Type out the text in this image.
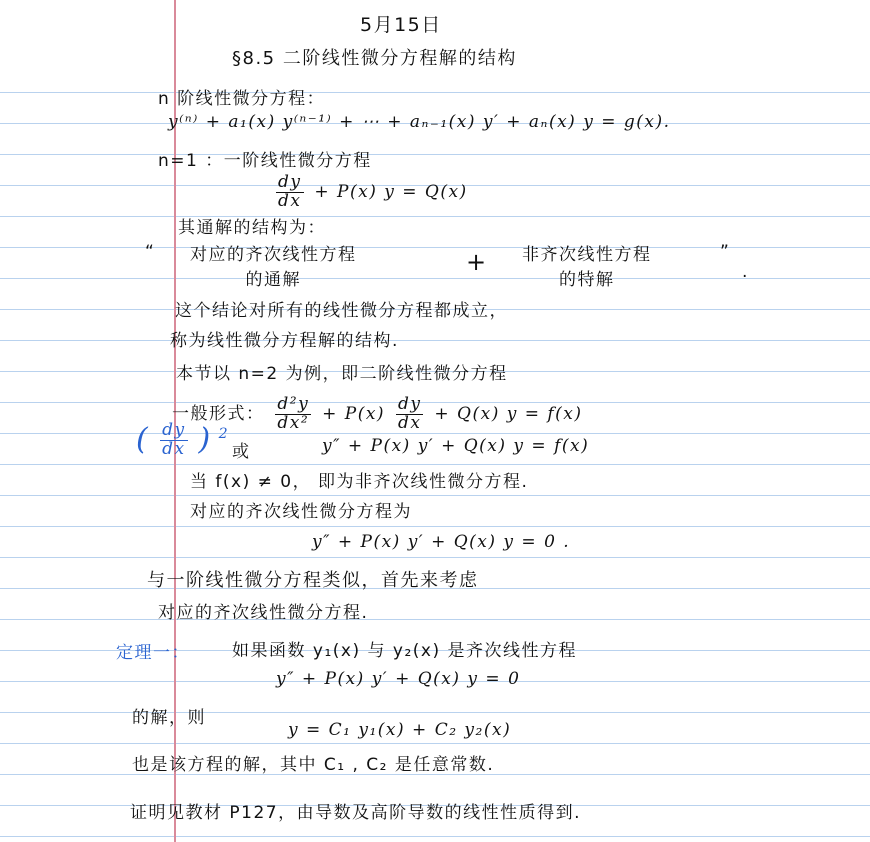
5月15日
§8.5 二阶线性微分方程解的结构
n 阶线性微分方程：
y⁽ⁿ⁾ + a₁(x) y⁽ⁿ⁻¹⁾ + ⋯ + aₙ₋₁(x) y′ + aₙ(x) y = g(x).
n=1 ：一阶线性微分方程
$\frac{dy}{dx} + P(x) y = Q(x)$
其通解的结构为：
“ 对应的齐次线性方程
的通解
+ 非齐次线性方程
的特解
”
.
这个结论对所有的线性微分方程都成立，
称为线性微分方程解的结构.
本节以 n=2 为例，即二阶线性微分方程
一般形式： $\frac{\text{d²y}}{\text{dx²}} + P(x) \frac{dy}{dx} + Q(x) y = f(x)$
( $\frac{dy}{dx}$ ) $^2$
或	y″ + P(x) y′ + Q(x) y = f(x)
当 f(x) ≠ 0， 即为非齐次线性微分方程.
对应的齐次线性微分方程为
y″ + P(x) y′ + Q(x) y = 0 .
与一阶线性微分方程类似，首先来考虑
对应的齐次线性微分方程.
定理一： 如果函数 y₁(x) 与 y₂(x) 是齐次线性方程
y″ + P(x) y′ + Q(x) y = 0
的解，则
y = C₁ y₁(x) + C₂ y₂(x)
也是该方程的解，其中 C₁ , C₂ 是任意常数.
证明见教材 P127，由导数及高阶导数的线性性质得到.
